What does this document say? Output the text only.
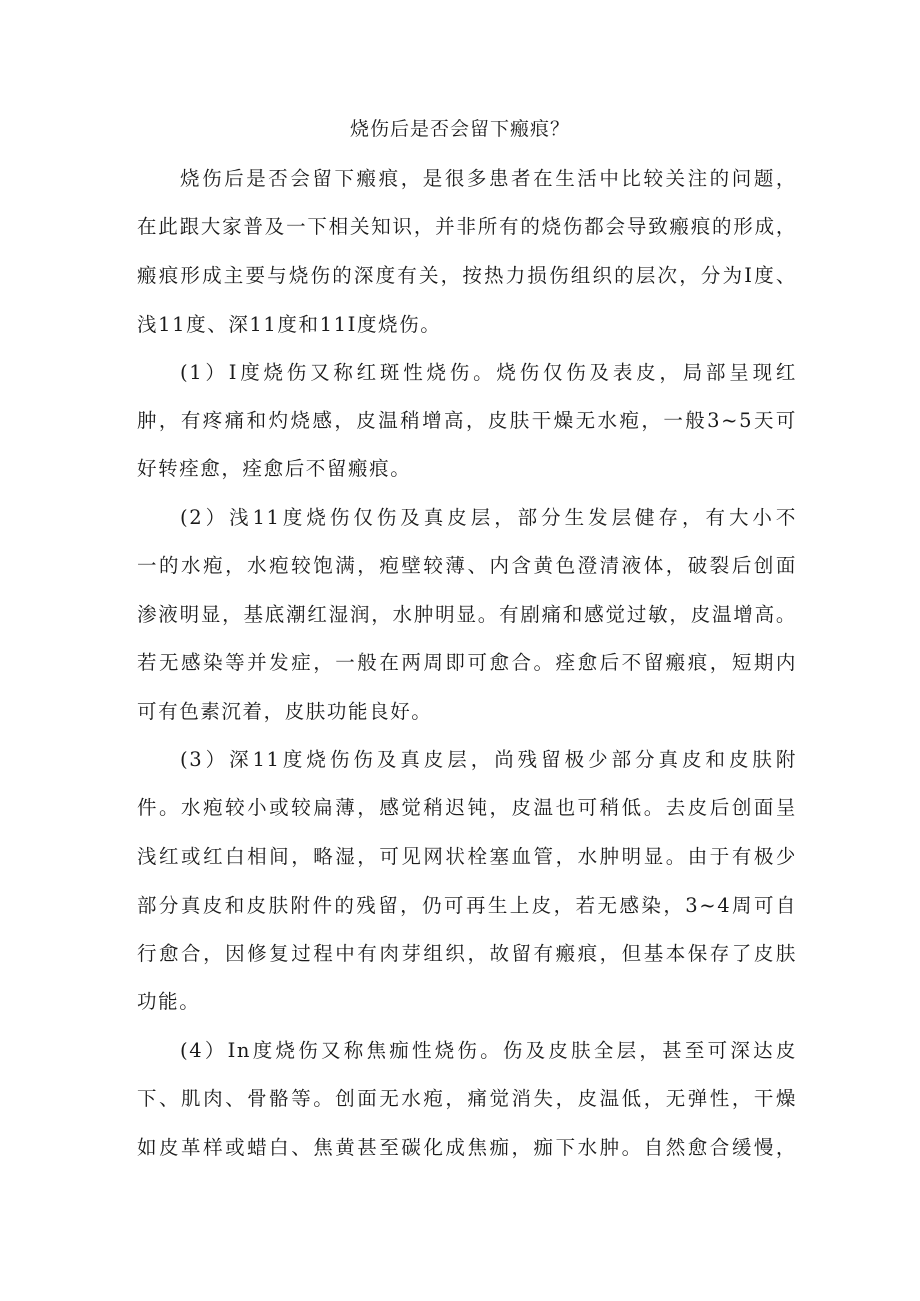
烧伤后是否会留下瘢痕？
烧伤后是否会留下瘢痕，是很多患者在生活中比较关注的问题，
在此跟大家普及一下相关知识，并非所有的烧伤都会导致瘢痕的形成，
瘢痕形成主要与烧伤的深度有关，按热力损伤组织的层次，分为I度、
浅11度、深11度和11I度烧伤。
(1）I度烧伤又称红斑性烧伤。烧伤仅伤及表皮，局部呈现红
肿，有疼痛和灼烧感，皮温稍增高，皮肤干燥无水疱，一般3~5天可
好转痊愈，痊愈后不留瘢痕。
(2）浅11度烧伤仅伤及真皮层，部分生发层健存，有大小不
一的水疱，水疱较饱满，疱壁较薄、内含黄色澄清液体，破裂后创面
渗液明显，基底潮红湿润，水肿明显。有剧痛和感觉过敏，皮温增高。
若无感染等并发症，一般在两周即可愈合。痊愈后不留瘢痕，短期内
可有色素沉着，皮肤功能良好。
(3）深11度烧伤伤及真皮层，尚残留极少部分真皮和皮肤附
件。水疱较小或较扁薄，感觉稍迟钝，皮温也可稍低。去皮后创面呈
浅红或红白相间，略湿，可见网状栓塞血管，水肿明显。由于有极少
部分真皮和皮肤附件的残留，仍可再生上皮，若无感染，3~4周可自
行愈合，因修复过程中有肉芽组织，故留有瘢痕，但基本保存了皮肤
功能。
(4）In度烧伤又称焦痂性烧伤。伤及皮肤全层，甚至可深达皮
下、肌肉、骨骼等。创面无水疱，痛觉消失，皮温低，无弹性，干燥
如皮革样或蜡白、焦黄甚至碳化成焦痂，痂下水肿。自然愈合缓慢，
